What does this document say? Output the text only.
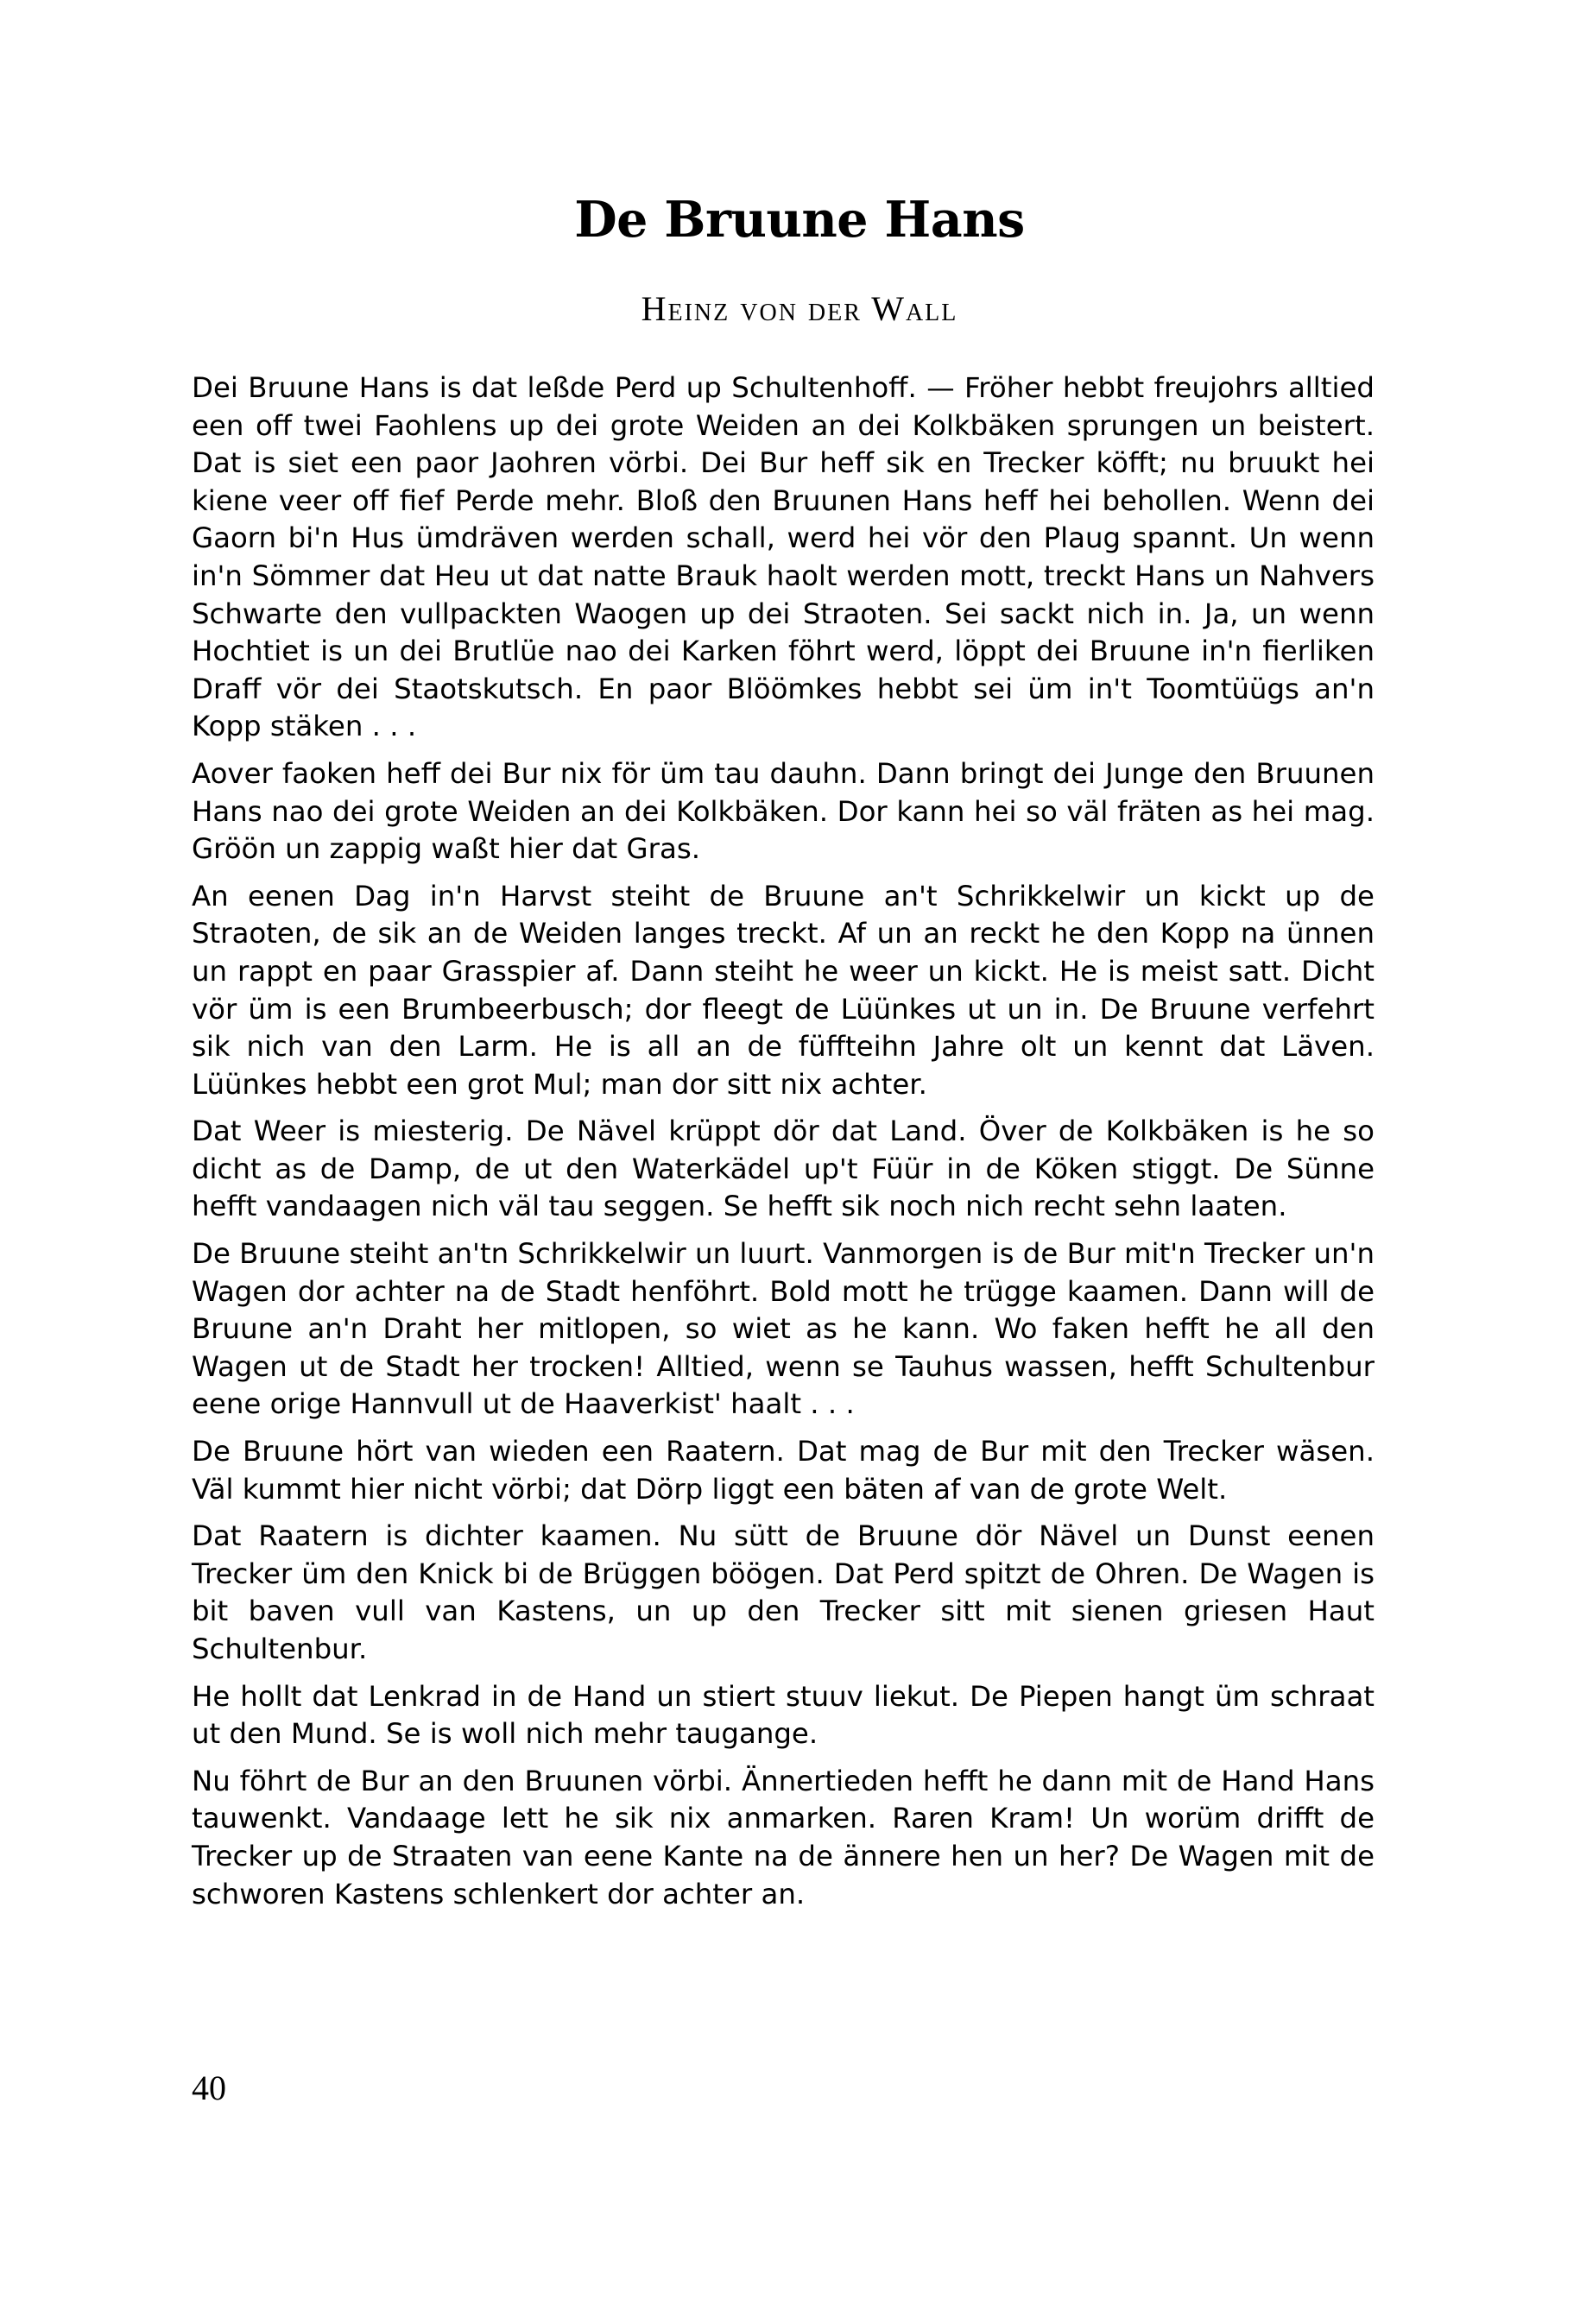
De Bruune Hans
Heinz von der Wall

Dei Bruune Hans is dat leßde Perd up Schultenhoff. — Fröher hebbt freujohrs alltied een off twei Faohlens up dei grote Weiden an dei Kolkbäken sprungen un beistert. Dat is siet een paor Jaohren vörbi. Dei Bur heff sik en Trecker köfft; nu bruukt hei kiene veer off fief Perde mehr. Bloß den Bruunen Hans heff hei behollen. Wenn dei Gaorn bi'n Hus ümdräven werden schall, werd hei vör den Plaug spannt. Un wenn in'n Sömmer dat Heu ut dat natte Brauk haolt werden mott, treckt Hans un Nahvers Schwarte den vullpackten Waogen up dei Straoten. Sei sackt nich in. Ja, un wenn Hochtiet is un dei Brutlüe nao dei Karken föhrt werd, löppt dei Bruune in'n fierliken Draff vör dei Staotskutsch. En paor Blöömkes hebbt sei üm in't Toomtüügs an'n Kopp stäken . . .

Aover faoken heff dei Bur nix för üm tau dauhn. Dann bringt dei Junge den Bruunen Hans nao dei grote Weiden an dei Kolkbäken. Dor kann hei so väl fräten as hei mag. Gröön un zappig waßt hier dat Gras.

An eenen Dag in'n Harvst steiht de Bruune an't Schrikkelwir un kickt up de Straoten, de sik an de Weiden langes treckt. Af un an reckt he den Kopp na ünnen un rappt en paar Grasspier af. Dann steiht he weer un kickt. He is meist satt. Dicht vör üm is een Brumbeerbusch; dor fleegt de Lüünkes ut un in. De Bruune verfehrt sik nich van den Larm. He is all an de füffteihn Jahre olt un kennt dat Läven. Lüünkes hebbt een grot Mul; man dor sitt nix achter.

Dat Weer is miesterig. De Nävel krüppt dör dat Land. Över de Kolkbäken is he so dicht as de Damp, de ut den Waterkädel up't Füür in de Köken stiggt. De Sünne hefft vandaagen nich väl tau seggen. Se hefft sik noch nich recht sehn laaten.

De Bruune steiht an'tn Schrikkelwir un luurt. Vanmorgen is de Bur mit'n Trecker un'n Wagen dor achter na de Stadt henföhrt. Bold mott he trügge kaamen. Dann will de Bruune an'n Draht her mitlopen, so wiet as he kann. Wo faken hefft he all den Wagen ut de Stadt her trocken! Alltied, wenn se Tauhus wassen, hefft Schultenbur eene orige Hannvull ut de Haaverkist' haalt . . .

De Bruune hört van wieden een Raatern. Dat mag de Bur mit den Trecker wäsen. Väl kummt hier nicht vörbi; dat Dörp liggt een bäten af van de grote Welt.

Dat Raatern is dichter kaamen. Nu sütt de Bruune dör Nävel un Dunst eenen Trecker üm den Knick bi de Brüggen böögen. Dat Perd spitzt de Ohren. De Wagen is bit baven vull van Kastens, un up den Trecker sitt mit sienen griesen Haut Schultenbur.

He hollt dat Lenkrad in de Hand un stiert stuuv liekut. De Piepen hangt üm schraat ut den Mund. Se is woll nich mehr taugange.

Nu föhrt de Bur an den Bruunen vörbi. Ännertieden hefft he dann mit de Hand Hans tauwenkt. Vandaage lett he sik nix anmarken. Raren Kram! Un worüm drifft de Trecker up de Straaten van eene Kante na de ännere hen un her? De Wagen mit de schworen Kastens schlenkert dor achter an.

40
